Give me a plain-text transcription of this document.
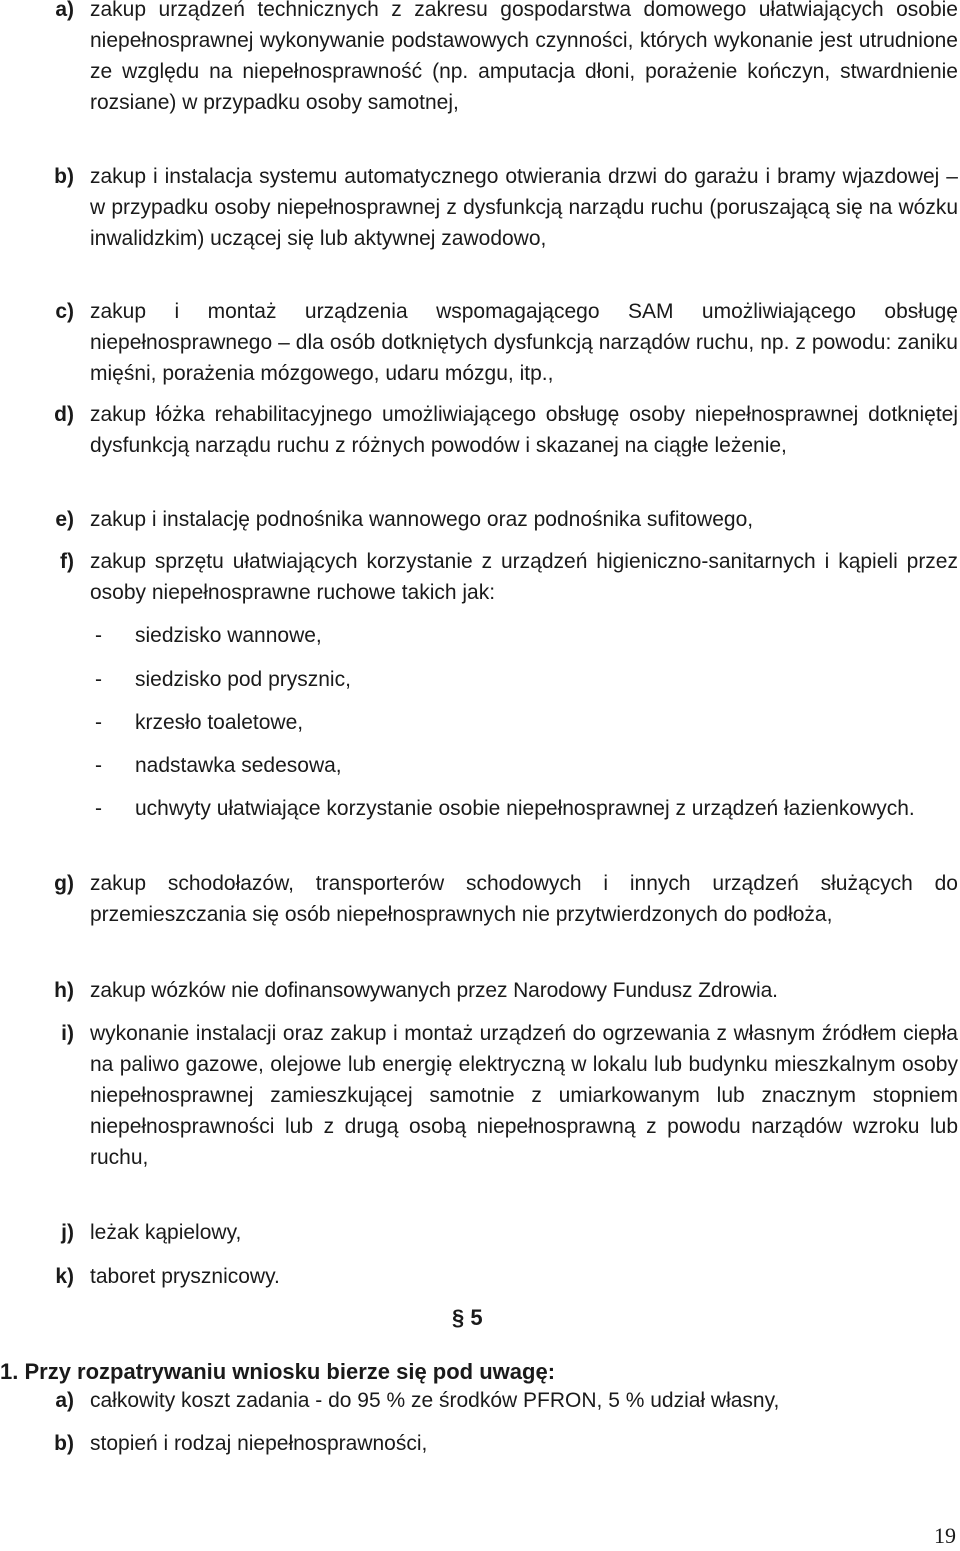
a) zakup urządzeń technicznych z zakresu gospodarstwa domowego ułatwiających osobie niepełnosprawnej wykonywanie podstawowych czynności, których wykonanie jest utrudnione ze względu na niepełnosprawność (np. amputacja dłoni, porażenie kończyn, stwardnienie rozsiane) w przypadku osoby samotnej,
b) zakup i instalacja systemu automatycznego otwierania drzwi do garażu i bramy wjazdowej – w przypadku osoby niepełnosprawnej z dysfunkcją narządu ruchu (poruszającą się na wózku inwalidzkim) uczącej się lub aktywnej zawodowo,
c) zakup i montaż urządzenia wspomagającego SAM umożliwiającego obsługę niepełnosprawnego – dla osób dotkniętych dysfunkcją narządów ruchu, np. z powodu: zaniku mięśni, porażenia mózgowego, udaru mózgu, itp.,
d) zakup łóżka rehabilitacyjnego umożliwiającego obsługę osoby niepełnosprawnej dotkniętej dysfunkcją narządu ruchu z różnych powodów i skazanej na ciągłe leżenie,
e) zakup i instalację podnośnika wannowego oraz podnośnika sufitowego,
f) zakup sprzętu ułatwiających korzystanie z urządzeń higieniczno-sanitarnych i kąpieli przez osoby niepełnosprawne ruchowe takich jak:
-	siedzisko wannowe,
-	siedzisko pod prysznic,
-	krzesło toaletowe,
-	nadstawka sedesowa,
-	uchwyty ułatwiające korzystanie osobie niepełnosprawnej z urządzeń łazienkowych.
g) zakup schodołazów, transporterów schodowych i innych urządzeń służących do przemieszczania się osób niepełnosprawnych nie przytwierdzonych do podłoża,
h) zakup wózków nie dofinansowywanych przez Narodowy Fundusz Zdrowia.
i) wykonanie instalacji oraz zakup i montaż urządzeń do ogrzewania z własnym źródłem ciepła na paliwo gazowe, olejowe lub energię elektryczną w lokalu lub budynku mieszkalnym osoby niepełnosprawnej zamieszkującej samotnie z umiarkowanym lub znacznym stopniem niepełnosprawności lub z drugą osobą niepełnosprawną z powodu narządów wzroku lub ruchu,
j) leżak kąpielowy,
k) taboret prysznicowy.
§ 5
1. Przy rozpatrywaniu wniosku bierze się pod uwagę:
a) całkowity koszt zadania - do 95 % ze środków PFRON, 5 % udział własny,
b) stopień i rodzaj niepełnosprawności,
19
